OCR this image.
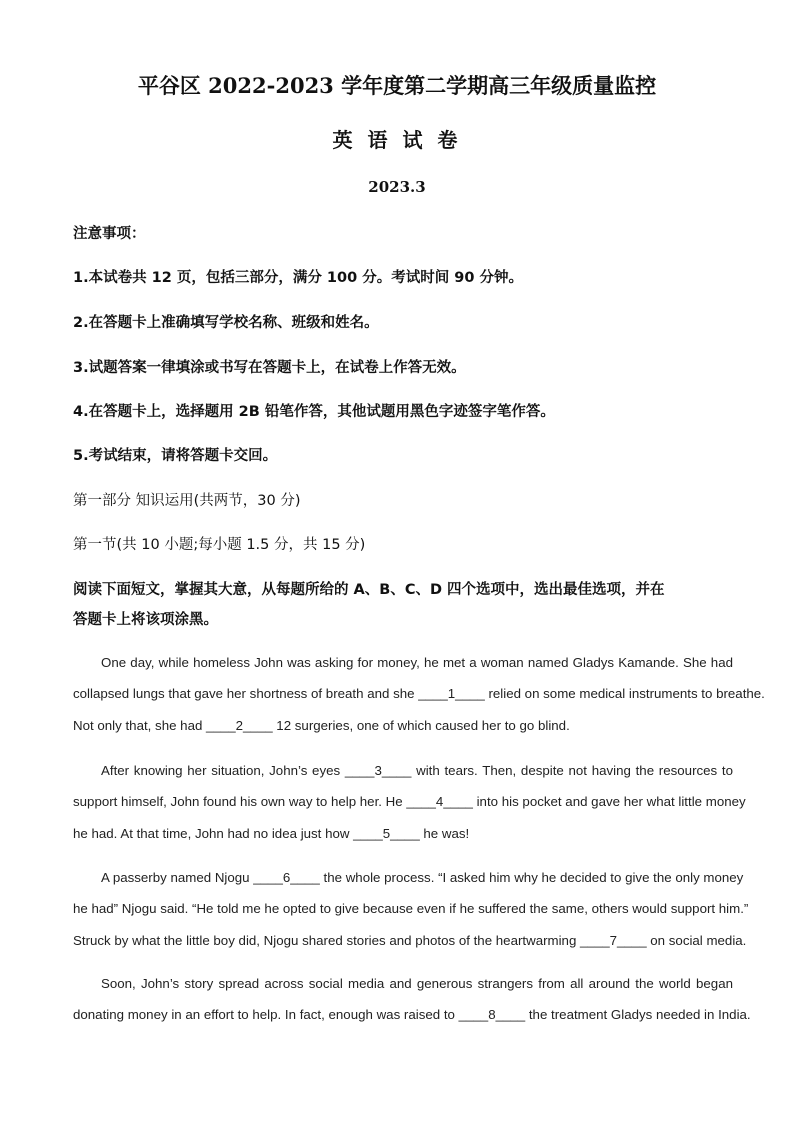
平谷区 2022-2023 学年度第二学期高三年级质量监控
英 语 试 卷
2023.3
注意事项：
1.本试卷共 12 页，包括三部分，满分 100 分。考试时间 90 分钟。
2.在答题卡上准确填写学校名称、班级和姓名。
3.试题答案一律填涂或书写在答题卡上，在试卷上作答无效。
4.在答题卡上，选择题用 2B 铅笔作答，其他试题用黑色字迹签字笔作答。
5.考试结束，请将答题卡交回。
第一部分 知识运用(共两节，30 分)
第一节(共 10 小题;每小题 1.5 分，共 15 分)
阅读下面短文，掌握其大意，从每题所给的 A、B、C、D 四个选项中，选出最佳选项，并在
答题卡上将该项涂黑。
One day, while homeless John was asking for money, he met a woman named Gladys Kamande. She had
collapsed lungs that gave her shortness of breath and she ____1____ relied on some medical instruments to breathe.
Not only that, she had ____2____ 12 surgeries, one of which caused her to go blind.
After knowing her situation, John’s eyes ____3____ with tears. Then, despite not having the resources to
support himself, John found his own way to help her. He ____4____ into his pocket and gave her what little money
he had. At that time, John had no idea just how ____5____ he was!
A passerby named Njogu ____6____ the whole process. “I asked him why he decided to give the only money
he had” Njogu said. “He told me he opted to give because even if he suffered the same, others would support him.”
Struck by what the little boy did, Njogu shared stories and photos of the heartwarming ____7____ on social media.
Soon, John’s story spread across social media and generous strangers from all around the world began
donating money in an effort to help. In fact, enough was raised to ____8____ the treatment Gladys needed in India.
